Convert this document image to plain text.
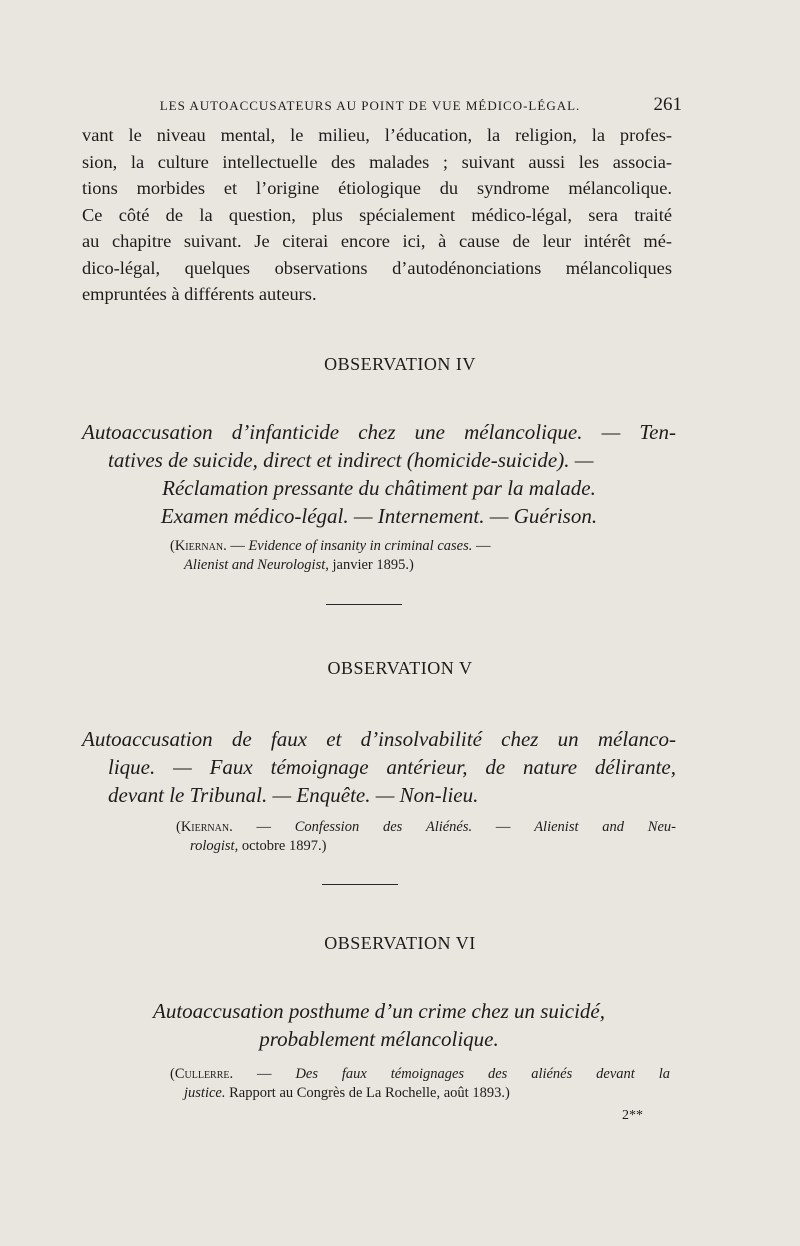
LES AUTOACCUSATEURS AU POINT DE VUE MÉDICO-LÉGAL.	261
vant le niveau mental, le milieu, l’éducation, la religion, la profes-
sion, la culture intellectuelle des malades ; suivant aussi les associa-
tions morbides et l’origine étiologique du syndrome mélancolique.
Ce côté de la question, plus spécialement médico-légal, sera traité
au chapitre suivant. Je citerai encore ici, à cause de leur intérêt mé-
dico-légal, quelques observations d’autodénonciations mélancoliques
empruntées à différents auteurs.
OBSERVATION IV
Autoaccusation d’infanticide chez une mélancolique. — Ten-
tatives de suicide, direct et indirect (homicide-suicide). —
Réclamation pressante du châtiment par la malade.
Examen médico-légal. — Internement. — Guérison.
(Kiernan. — Evidence of insanity in criminal cases. —
Alienist and Neurologist, janvier 1895.)
OBSERVATION V
Autoaccusation de faux et d’insolvabilité chez un mélanco-
lique. — Faux témoignage antérieur, de nature délirante,
devant le Tribunal. — Enquête. — Non-lieu.
(Kiernan. — Confession des Aliénés. — Alienist and Neu-
rologist, octobre 1897.)
OBSERVATION VI
Autoaccusation posthume d’un crime chez un suicidé,
probablement mélancolique.
(Cullerre. — Des faux témoignages des aliénés devant la
justice. Rapport au Congrès de La Rochelle, août 1893.)
2**
